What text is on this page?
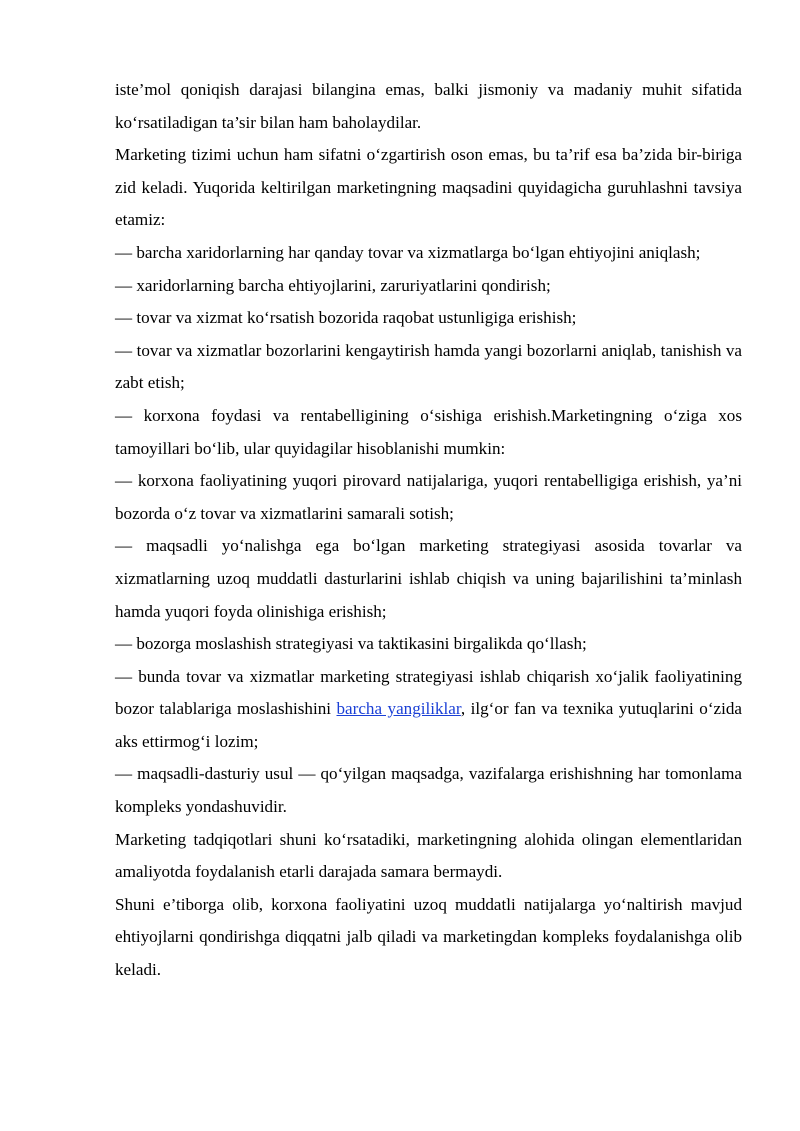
iste’mol qoniqish darajasi bilangina emas, balki jismoniy va madaniy muhit sifatida ko‘rsatiladigan ta’sir bilan ham baholaydilar.

Marketing tizimi uchun ham sifatni o‘zgartirish oson emas, bu ta’rif esa ba’zida bir-biriga zid keladi. Yuqorida keltirilgan marketingning maqsadini quyidagicha guruhlashni tavsiya etamiz:

— barcha xaridorlarning har qanday tovar va xizmatlarga bo‘lgan ehtiyojini aniqlash;

— xaridorlarning barcha ehtiyojlarini, zaruriyatlarini qondirish;

— tovar va xizmat ko‘rsatish bozorida raqobat ustunligiga erishish;

— tovar va xizmatlar bozorlarini kengaytirish hamda yangi bozorlarni aniqlab, tanishish va zabt etish;

— korxona foydasi va rentabelligining o‘sishiga erishish.Marketingning o‘ziga xos tamoyillari bo‘lib, ular quyidagilar hisoblanishi mumkin:

— korxona faoliyatining yuqori pirovard natijalariga, yuqori rentabelligiga erishish, ya’ni bozorda o‘z tovar va xizmatlarini samarali sotish;

— maqsadli yo‘nalishga ega bo‘lgan marketing strategiyasi asosida tovarlar va xizmatlarning uzoq muddatli dasturlarini ishlab chiqish va uning bajarilishini ta’minlash hamda yuqori foyda olinishiga erishish;

— bozorga moslashish strategiyasi va taktikasini birgalikda qo‘llash;

— bunda tovar va xizmatlar marketing strategiyasi ishlab chiqarish xo‘jalik faoliyatining bozor talablariga moslashishini barcha yangiliklar, ilg‘or fan va texnika yutuqlarini o‘zida aks ettirmog‘i lozim;

— maqsadli-dasturiy usul — qo‘yilgan maqsadga, vazifalarga erishishning har tomonlama kompleks yondashuvidir.

Marketing tadqiqotlari shuni ko‘rsatadiki, marketingning alohida olingan elementlaridan amaliyotda foydalanish etarli darajada samara bermaydi.

Shuni e’tiborga olib, korxona faoliyatini uzoq muddatli natijalarga yo‘naltirish mavjud ehtiyojlarni qondirishga diqqatni jalb qiladi va marketingdan kompleks foydalanishga olib keladi.
